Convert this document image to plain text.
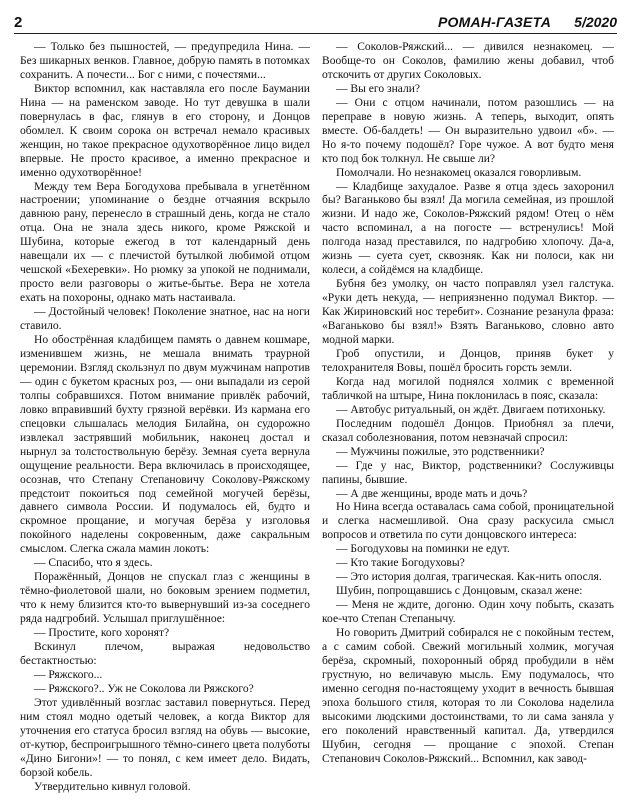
2	РОМАН-ГАЗЕТА 5/2020

— Только без пышностей, — предупредила Нина. — Без шикарных венков. Главное, добрую память в потомках сохранить. А почести... Бог с ними, с почестями...

Виктор вспомнил, как наставляла его после Баумании Нина — на раменском заводе. Но тут девушка в шали повернулась в фас, глянув в его сторону, и Донцов обомлел. К своим сорока он встречал немало красивых женщин, но такое прекрасное одухотворённое лицо видел впервые. Не просто красивое, а именно прекрасное и именно одухотворённое!

Между тем Вера Богодухова пребывала в угнетённом настроении; упоминание о бездне отчаяния вскрыло давнюю рану, перенесло в страшный день, когда не стало отца. Она не знала здесь никого, кроме Ряжской и Шубина, которые ежегод в тот календарный день навещали их — с плечистой бутылкой любимой отцом чешской «Бехеревки». Но рюмку за упокой не поднимали, просто вели разговоры о житье-бытье. Вера не хотела ехать на похороны, однако мать настаивала.

— Достойный человек! Поколение знатное, нас на ноги ставило.

Но обострённая кладбищем память о давнем кошмаре, изменившем жизнь, не мешала внимать траурной церемонии. Взгляд скользнул по двум мужчинам напротив — один с букетом красных роз, — они выпадали из серой толпы собравшихся. Потом внимание привлёк рабочий, ловко вправивший бухту грязной верёвки. Из кармана его спецовки слышалась мелодия Билайна, он судорожно извлекал застрявший мобильник, наконец достал и нырнул за толстоствольную берёзу. Земная суета вернула ощущение реальности. Вера включилась в происходящее, осознав, что Степану Степановичу Соколову-Ряжскому предстоит покоиться под семейной могучей берёзы, давнего символа России. И подумалось ей, будто и скромное прощание, и могучая берёза у изголовья покойного наделены сокровенным, даже сакральным смыслом. Слегка сжала мамин локоть:

— Спасибо, что я здесь.

Поражённый, Донцов не спускал глаз с женщины в тёмно-фиолетовой шали, но боковым зрением подметил, что к нему близится кто-то вывернувший из-за соседнего ряда надгробий. Услышал приглушённое:

— Простите, кого хоронят?

Вскинул плечом, выражая недовольство бестактностью:

— Ряжского...

— Ряжского?.. Уж не Соколова ли Ряжского?

Этот удивлённый возглас заставил повернуться. Перед ним стоял модно одетый человек, а когда Виктор для уточнения его статуса бросил взгляд на обувь — высокие, от-кутюр, беспроигрышного тёмно-синего цвета полуботы «Дино Бигони»! — то понял, с кем имеет дело. Видать, борзой кобель.

Утвердительно кивнул головой.

— Соколов-Ряжский... — дивился незнакомец. — Вообще-то он Соколов, фамилию жены добавил, чтоб отскочить от других Соколовых.

— Вы его знали?

— Они с отцом начинали, потом разошлись — на переправе в новую жизнь. А теперь, выходит, опять вместе. Об-балдеть! — Он выразительно удвоил «б». — Но я-то почему подошёл? Горе чужое. А вот будто меня кто под бок толкнул. Не свыше ли?

Помолчали. Но незнакомец оказался говорливым.

— Кладбище захудалое. Разве я отца здесь захоронил бы? Ваганьково бы взял! Да могила семейная, из прошлой жизни. И надо же, Соколов-Ряжский рядом! Отец о нём часто вспоминал, а на погосте — встренулись! Мой полгода назад преставился, по надгробию хлопочу. Да-а, жизнь — суета сует, сквозняк. Как ни полоси, как ни колеси, а сойдёмся на кладбище.

Бубня без умолку, он часто поправлял узел галстука. «Руки деть некуда, — неприязненно подумал Виктор. — Как Жириновский нос теребит». Сознание резанула фраза: «Ваганьково бы взял!» Взять Ваганьково, словно авто модной марки.

Гроб опустили, и Донцов, приняв букет у телохранителя Вовы, пошёл бросить горсть земли.

Когда над могилой поднялся холмик с временной табличкой на штыре, Нина поклонилась в пояс, сказала:

— Автобус ритуальный, он ждёт. Двигаем потихоньку.

Последним подошёл Донцов. Приобнял за плечи, сказал соболезнования, потом невзначай спросил:

— Мужчины пожилые, это родственники?

— Где у нас, Виктор, родственники? Сослуживцы папины, бывшие.

— А две женщины, вроде мать и дочь?

Но Нина всегда оставалась сама собой, проницательной и слегка насмешливой. Она сразу раскусила смысл вопросов и ответила по сути донцовского интереса:

— Богодуховы на поминки не едут.

— Кто такие Богодуховы?

— Это история долгая, трагическая. Как-нить опосля.

Шубин, попрощавшись с Донцовым, сказал жене:

— Меня не ждите, догоню. Один хочу побыть, сказать кое-что Степан Степанычу.

Но говорить Дмитрий собирался не с покойным тестем, а с самим собой. Свежий могильный холмик, могучая берёза, скромный, похоронный обряд пробудили в нём грустную, но величавую мысль. Ему подумалось, что именно сегодня по-настоящему уходит в вечность бывшая эпоха большого стиля, которая то ли Соколова наделила высокими людскими достоинствами, то ли сама заняла у его поколений нравственный капитал. Да, утвердился Шубин, сегодня — прощание с эпохой. Степан Степанович Соколов-Ряжский... Вспомнил, как завод-
